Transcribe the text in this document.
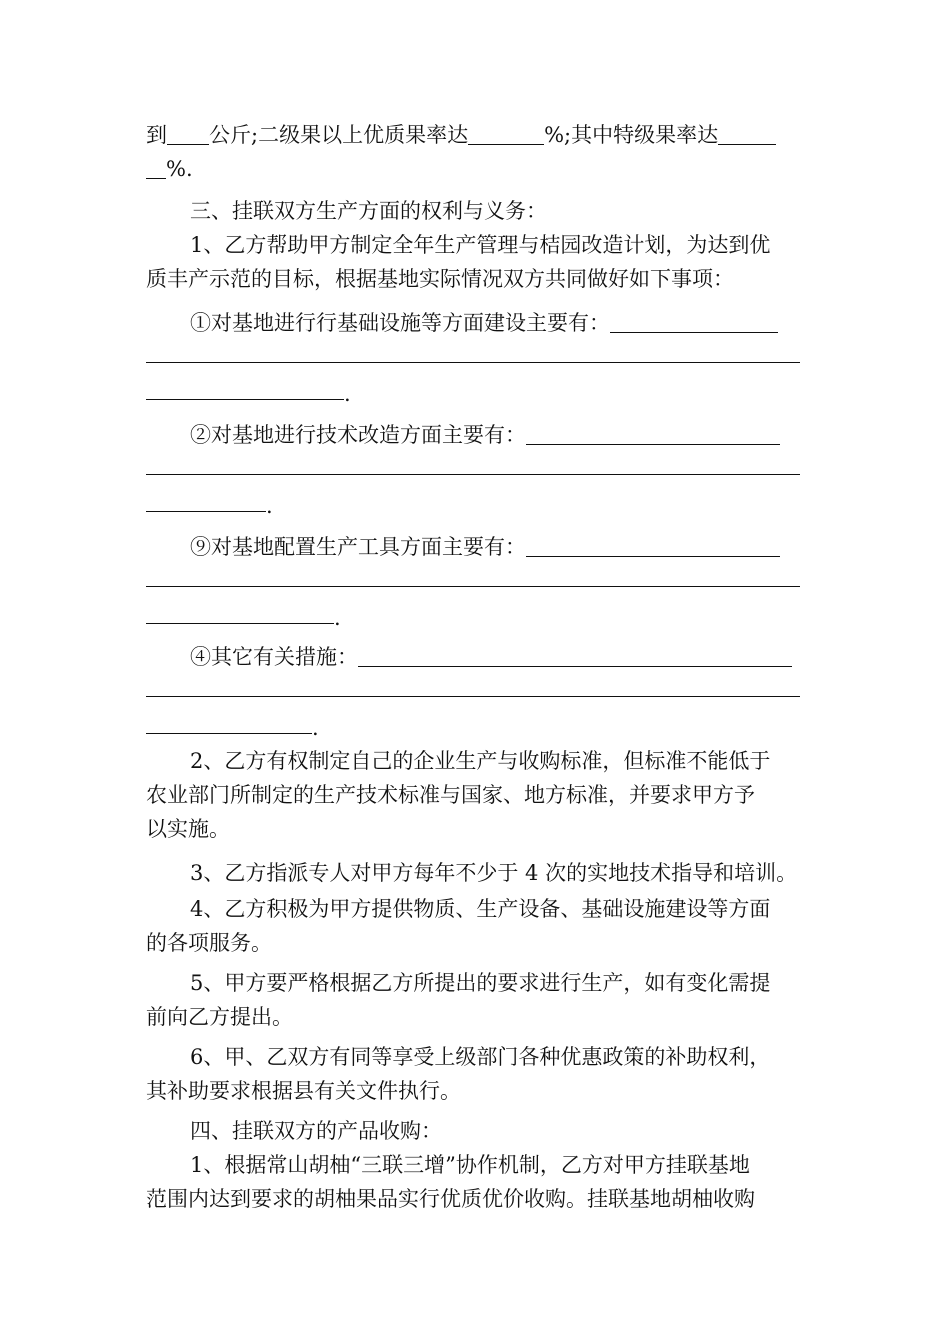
到 公斤;二级果以上优质果率达	%;其中特级果率达
%.
三、挂联双方生产方面的权利与义务：
1、乙方帮助甲方制定全年生产管理与桔园改造计划，为达到优
质丰产示范的目标，根据基地实际情况双方共同做好如下事项：
①对基地进行行基础设施等方面建设主要有：
.
②对基地进行技术改造方面主要有：
.
⑨对基地配置生产工具方面主要有：
.
④其它有关措施：
.
2、乙方有权制定自己的企业生产与收购标准，但标准不能低于
农业部门所制定的生产技术标准与国家、地方标准，并要求甲方予
以实施。
3、乙方指派专人对甲方每年不少于 4 次的实地技术指导和培训。
4、乙方积极为甲方提供物质、生产设备、基础设施建设等方面
的各项服务。
5、甲方要严格根据乙方所提出的要求进行生产，如有变化需提
前向乙方提出。
6、甲、乙双方有同等享受上级部门各种优惠政策的补助权利，
其补助要求根据县有关文件执行。
四、挂联双方的产品收购：
1、根据常山胡柚“三联三增”协作机制，乙方对甲方挂联基地
范围内达到要求的胡柚果品实行优质优价收购。挂联基地胡柚收购
